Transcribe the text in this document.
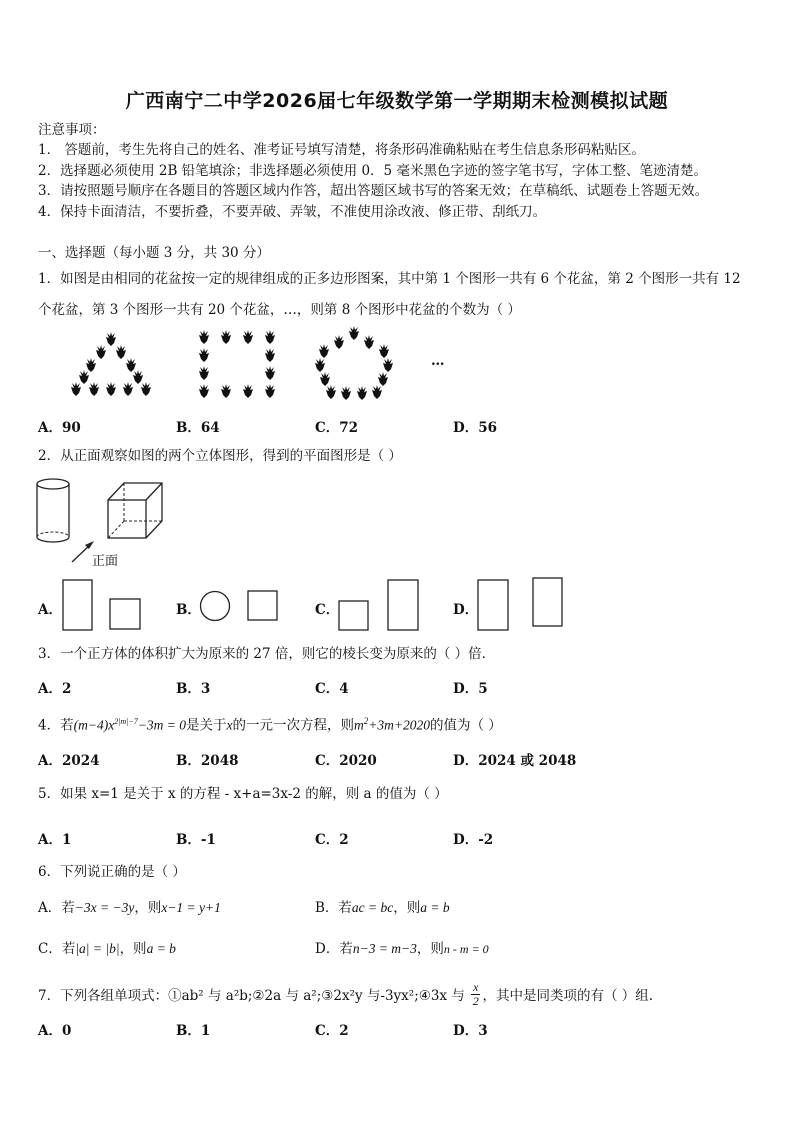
广西南宁二中学2026届七年级数学第一学期期末检测模拟试题
注意事项：
1． 答题前，考生先将自己的姓名、准考证号填写清楚，将条形码准确粘贴在考生信息条形码粘贴区。
2．选择题必须使用 2B 铅笔填涂；非选择题必须使用 0．5 毫米黑色字迹的签字笔书写，字体工整、笔迹清楚。
3．请按照题号顺序在各题目的答题区域内作答，超出答题区域书写的答案无效；在草稿纸、试题卷上答题无效。
4．保持卡面清洁，不要折叠，不要弄破、弄皱，不准使用涂改液、修正带、刮纸刀。
一、选择题（每小题 3 分，共 30 分）
1．如图是由相同的花盆按一定的规律组成的正多边形图案，其中第 1 个图形一共有 6 个花盆，第 2 个图形一共有 12
个花盆，第 3 个图形一共有 20 个花盆，…，则第 8 个图形中花盆的个数为（ ）
…
A．90	B．64	C．72	D．56
2．从正面观察如图的两个立体图形，得到的平面图形是（ ）
正面
A．	B．	C．	D．
3．一个正方体的体积扩大为原来的 27 倍，则它的棱长变为原来的（ ）倍．
A．2	B．3	C．4	D．5
4．若$(m-4)x^{2|m|-7}-3m = 0$是关于x的一元一次方程，则$m^2+3m+2020$的值为（ ）
A．2024	B．2048	C．2020	D．2024 或 2048
5．如果 x=1 是关于 x 的方程 - x+a=3x-2 的解，则 a 的值为（ ）
A．1	B．-1	C．2	D．-2
6．下列说正确的是（ ）
A．若−3x = −3y，则x−1 = y+1	B．若ac = bc，则a = b
C．若|a| = |b|，则a = b	D．若n−3 = m−3，则n - m = 0
7．下列各组单项式：①ab² 与 a²b;②2a 与 a²;③2x²y 与-3yx²;④3x 与 $\frac{x}{2}$ ，其中是同类项的有（ ）组.
A．0	B．1	C．2	D．3
